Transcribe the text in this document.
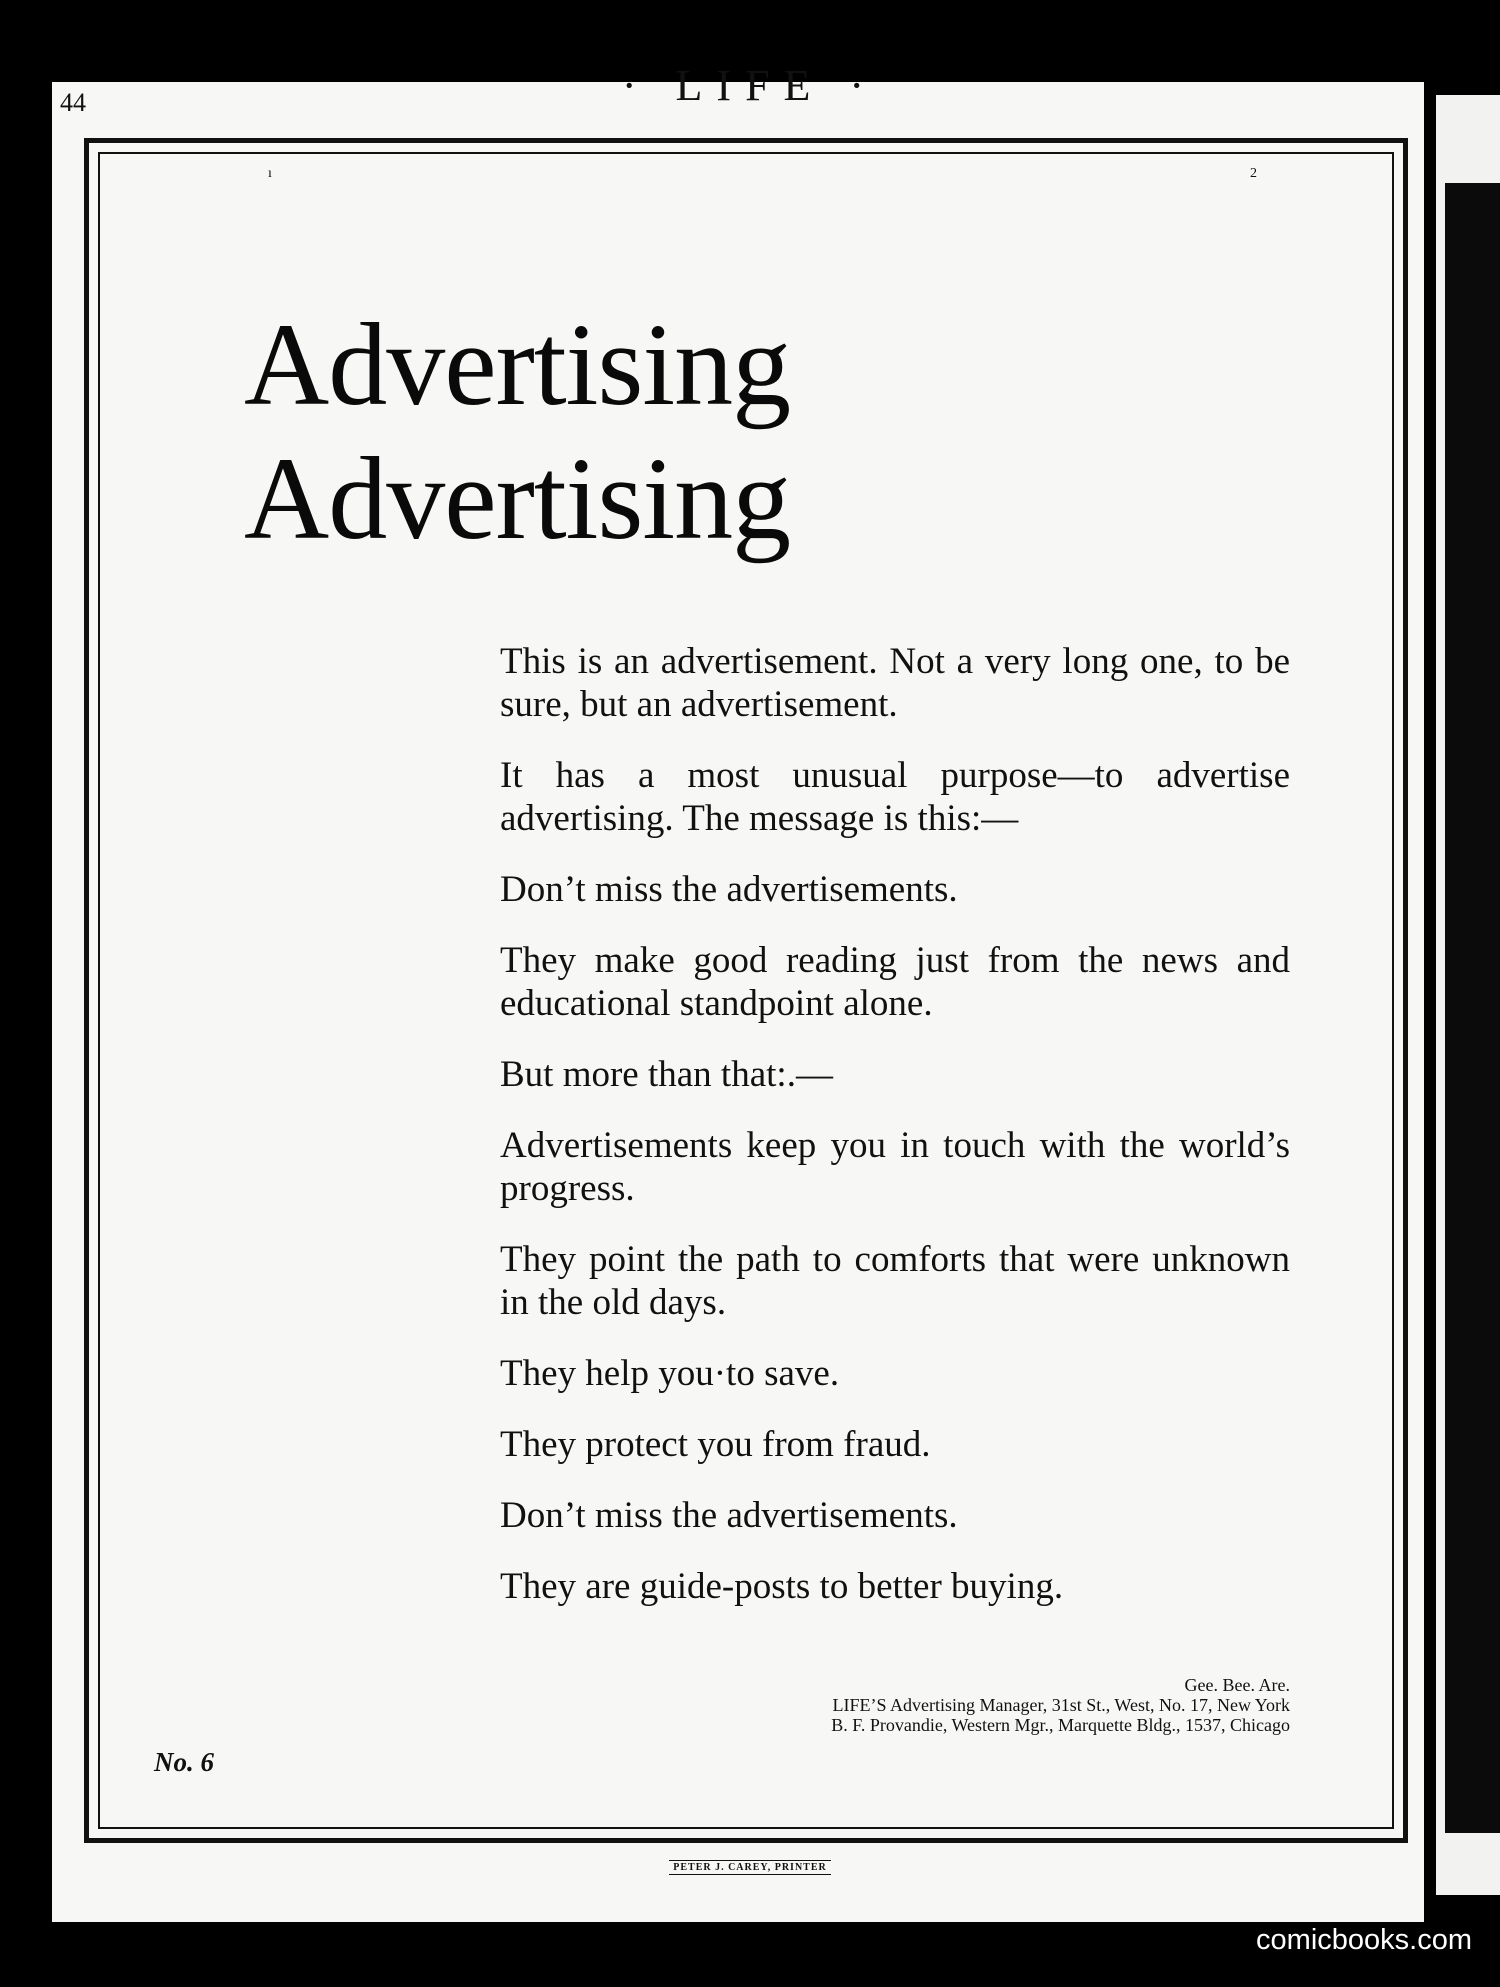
44	· LIFE ·
ı	2
Advertising
Advertising

This is an advertisement. Not a very long one, to be sure, but an advertisement.

It has a most unusual purpose—to advertise advertising. The message is this:—

Don’t miss the advertisements.

They make good reading just from the news and educational standpoint alone.

But more than that:.—

Advertisements keep you in touch with the world’s progress.

They point the path to comforts that were unknown in the old days.

They help you·to save.

They protect you from fraud.

Don’t miss the advertisements.

They are guide-posts to better buying.

Gee. Bee. Are.
LIFE’S Advertising Manager, 31st St., West, No. 17, New York
B. F. Provandie, Western Mgr., Marquette Bldg., 1537, Chicago
No. 6
PETER J. CAREY, PRINTER
comicbooks.com
